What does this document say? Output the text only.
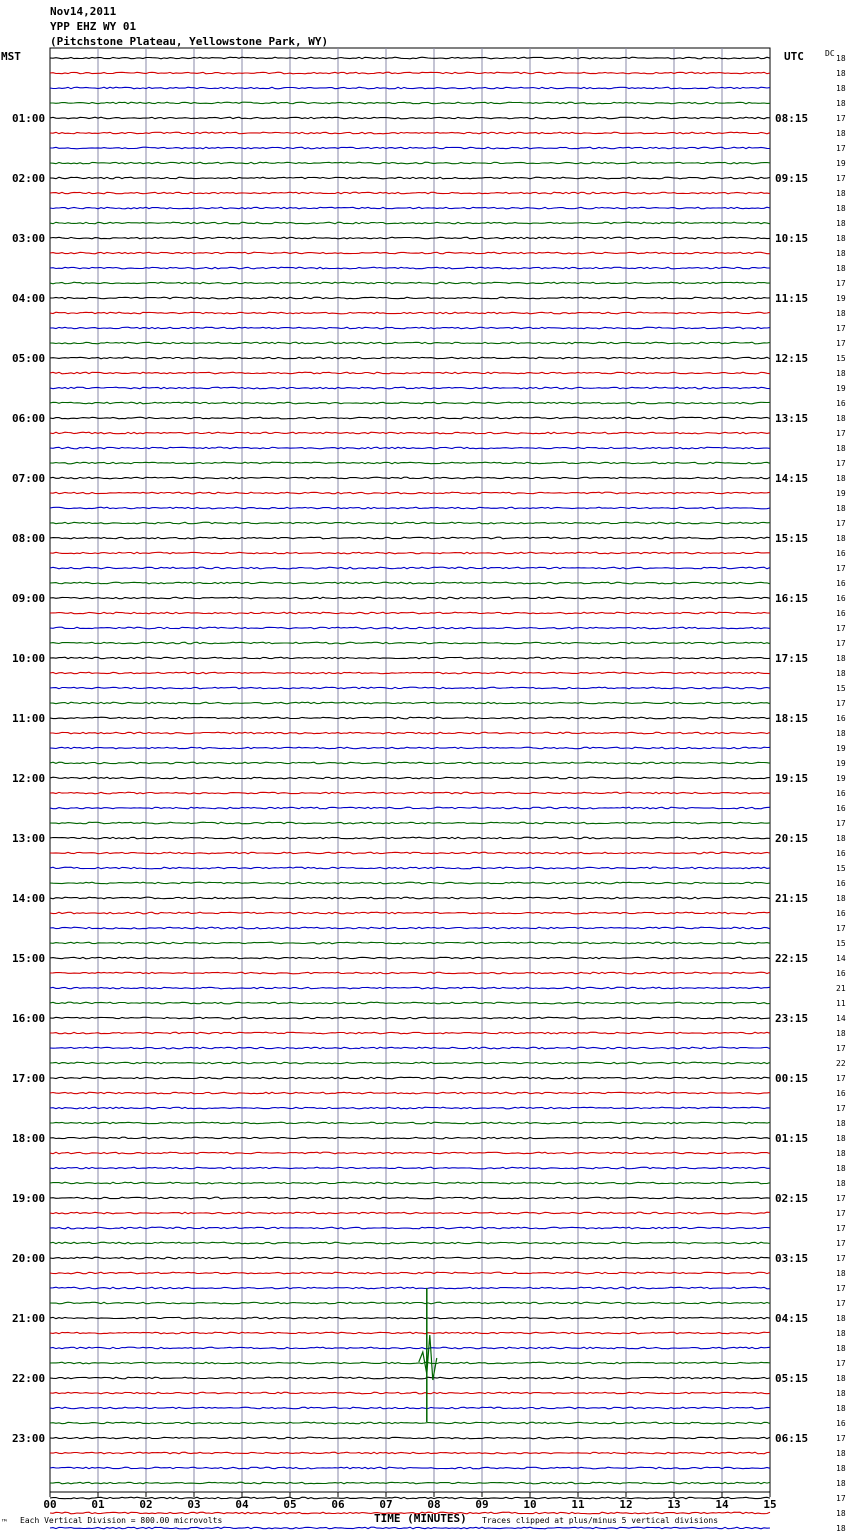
Nov14,2011
YPP EHZ WY 01
(Pitchstone Plateau, Yellowstone Park, WY)
MST	UTC	DC
18
18
18
18
17
18
17
19
17
18
18
18
18
18
18
17
19
18
17
17
15
18
19
16
18
17
18
17
18
19
18
17
18
16
17
16
16
16
17
17
18
18
15
17
16
18
19
19
19
16
16
17
18
16
15
16
18
16
17
15
14
16
21
11
14
18
17
22
17
16
17
18
18
18
18
18
17
17
17
17
17
18
17
17
18
18
18
17
18
18
18
16
17
18
18
18
17
18
18
01:00
02:00
03:00
04:00
05:00
06:00
07:00
08:00
09:00
10:00
11:00
12:00
13:00
14:00
15:00
16:00
17:00
18:00
19:00
20:00
21:00
22:00
23:00
08:15
09:15
10:15
11:15
12:15
13:15
14:15
15:15
16:15
17:15
18:15
19:15
20:15
21:15
22:15
23:15
00:15
01:15
02:15
03:15
04:15
05:15
06:15
00	01	02	03	04	05	06	07	08	09	10	11	12	13	14	15
™ Each Vertical Division = 800.00 microvolts	TIME (MINUTES) Traces clipped at plus/minus 5 vertical divisions
